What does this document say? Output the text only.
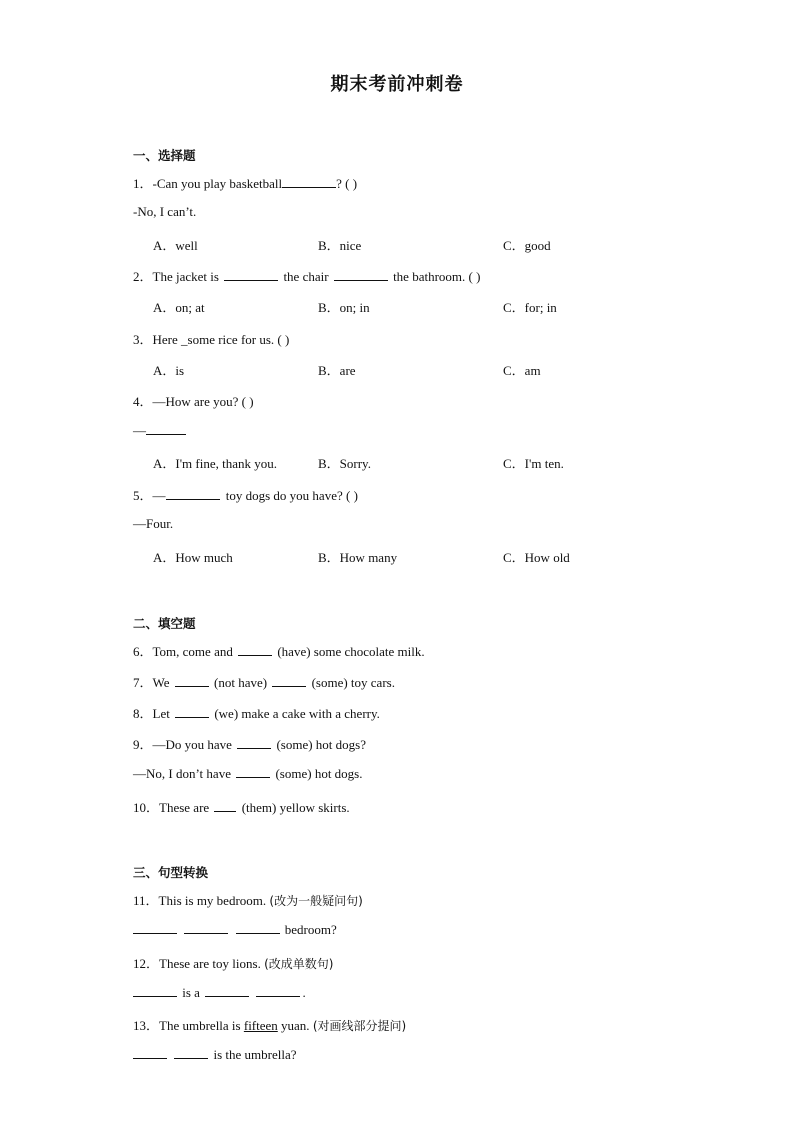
期末考前冲刺卷
一、选择题
1．-Can you play basketball	? ( )
-No, I can’t.
A．well	B．nice	C．good
2．The jacket is	the chair	the bathroom. ( )
A．on; at	B．on; in	C．for; in
3．Here _some rice for us. ( )
A．is	B．are	C．am
4．—How are you? ( )
—
A．I'm fine, thank you.	B．Sorry.	C．I'm ten.
5．—	toy dogs do you have? ( )
—Four.
A．How much	B．How many	C．How old
二、填空题
6．Tom, come and	(have) some chocolate milk.
7．We	(not have)	(some) toy cars.
8．Let	(we) make a cake with a cherry.
9．—Do you have	(some) hot dogs?
—No, I don’t have	(some) hot dogs.
10．These are	(them) yellow skirts.
三、句型转换
11．This is my bedroom. (改为一般疑问句)
bedroom?
12．These are toy lions. (改成单数句)
is a	.
13．The umbrella is fifteen yuan. (对画线部分提问)
is the umbrella?
